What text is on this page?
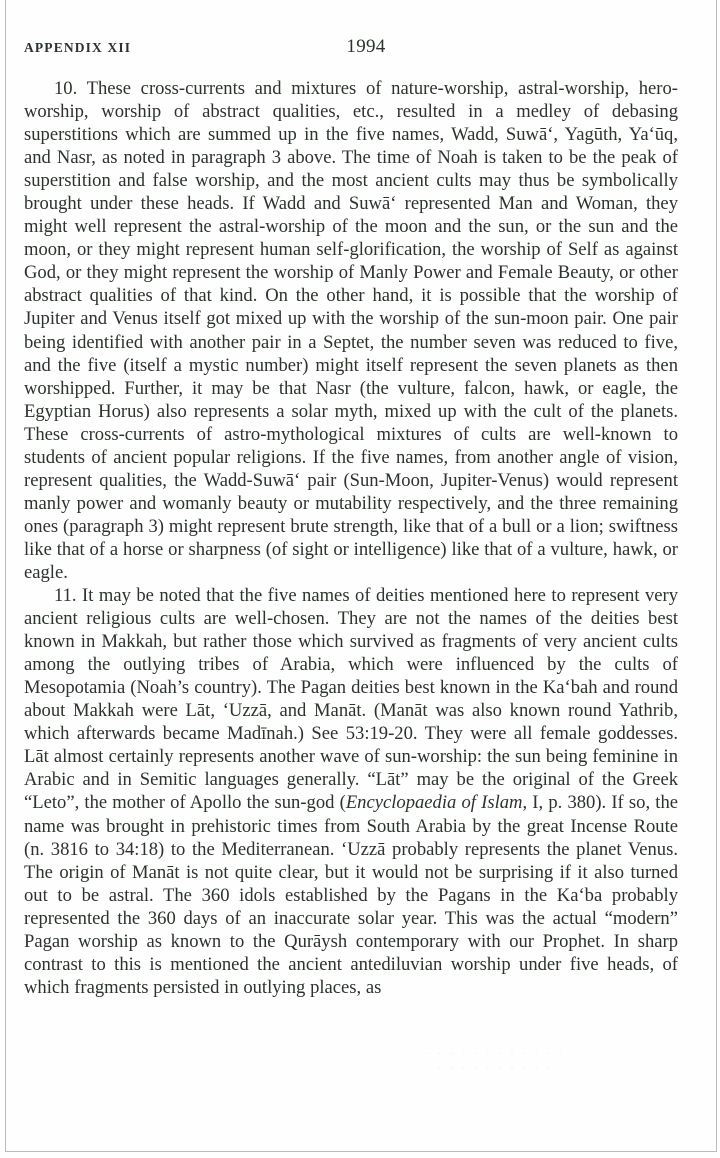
APPENDIX XII	1994

10. These cross-currents and mixtures of nature-worship, astral-worship, hero-worship, worship of abstract qualities, etc., resulted in a medley of debasing superstitions which are summed up in the five names, Wadd, Suwā‘, Yagūth, Ya‘ūq, and Nasr, as noted in paragraph 3 above. The time of Noah is taken to be the peak of superstition and false worship, and the most ancient cults may thus be symbolically brought under these heads. If Wadd and Suwā‘ represented Man and Woman, they might well represent the astral-worship of the moon and the sun, or the sun and the moon, or they might represent human self-glorification, the worship of Self as against God, or they might represent the worship of Manly Power and Female Beauty, or other abstract qualities of that kind. On the other hand, it is possible that the worship of Jupiter and Venus itself got mixed up with the worship of the sun-moon pair. One pair being identified with another pair in a Septet, the number seven was reduced to five, and the five (itself a mystic number) might itself represent the seven planets as then worshipped. Further, it may be that Nasr (the vulture, falcon, hawk, or eagle, the Egyptian Horus) also represents a solar myth, mixed up with the cult of the planets. These cross-currents of astro-mythological mixtures of cults are well-known to students of ancient popular religions. If the five names, from another angle of vision, represent qualities, the Wadd-Suwā‘ pair (Sun-Moon, Jupiter-Venus) would represent manly power and womanly beauty or mutability respectively, and the three remaining ones (paragraph 3) might represent brute strength, like that of a bull or a lion; swiftness like that of a horse or sharpness (of sight or intelligence) like that of a vulture, hawk, or eagle.

11. It may be noted that the five names of deities mentioned here to represent very ancient religious cults are well-chosen. They are not the names of the deities best known in Makkah, but rather those which survived as fragments of very ancient cults among the outlying tribes of Arabia, which were influenced by the cults of Mesopotamia (Noah’s country). The Pagan deities best known in the Ka‘bah and round about Makkah were Lāt, ‘Uzzā, and Manāt. (Manāt was also known round Yathrib, which afterwards became Madīnah.) See 53:19-20. They were all female goddesses. Lāt almost certainly represents another wave of sun-worship: the sun being feminine in Arabic and in Semitic languages generally. “Lāt” may be the original of the Greek “Leto”, the mother of Apollo the sun-god (Encyclopaedia of Islam, I, p. 380). If so, the name was brought in prehistoric times from South Arabia by the great Incense Route (n. 3816 to 34:18) to the Mediterranean. ‘Uzzā probably represents the planet Venus. The origin of Manāt is not quite clear, but it would not be surprising if it also turned out to be astral. The 360 idols established by the Pagans in the Ka‘ba probably represented the 360 days of an inaccurate solar year. This was the actual “modern” Pagan worship as known to the Qurāysh contemporary with our Prophet. In sharp contrast to this is mentioned the ancient antediluvian worship under five heads, of which fragments persisted in outlying places, as

· · · · · · · · · · · ·
· · · · · · · · · ·
